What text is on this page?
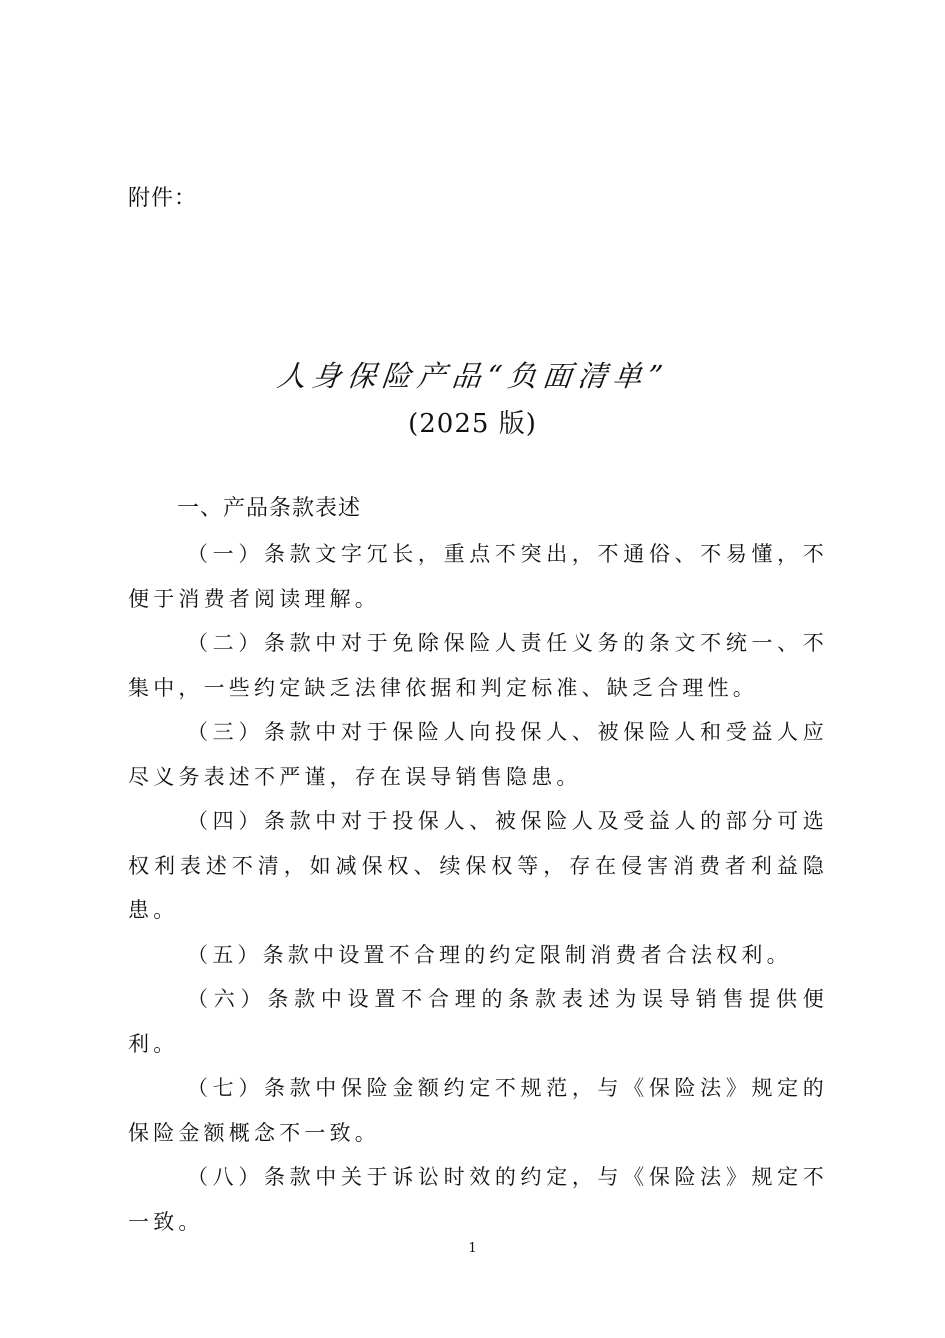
附件：
人身保险产品“负面清单”
(2025 版)
一、产品条款表述

（一）条款文字冗长，重点不突出，不通俗、不易懂，不便于消费者阅读理解。

（二）条款中对于免除保险人责任义务的条文不统一、不集中，一些约定缺乏法律依据和判定标准、缺乏合理性。

（三）条款中对于保险人向投保人、被保险人和受益人应尽义务表述不严谨，存在误导销售隐患。

（四）条款中对于投保人、被保险人及受益人的部分可选权利表述不清，如减保权、续保权等，存在侵害消费者利益隐患。

（五）条款中设置不合理的约定限制消费者合法权利。

（六）条款中设置不合理的条款表述为误导销售提供便利。

（七）条款中保险金额约定不规范，与《保险法》规定的保险金额概念不一致。

（八）条款中关于诉讼时效的约定，与《保险法》规定不一致。

1
